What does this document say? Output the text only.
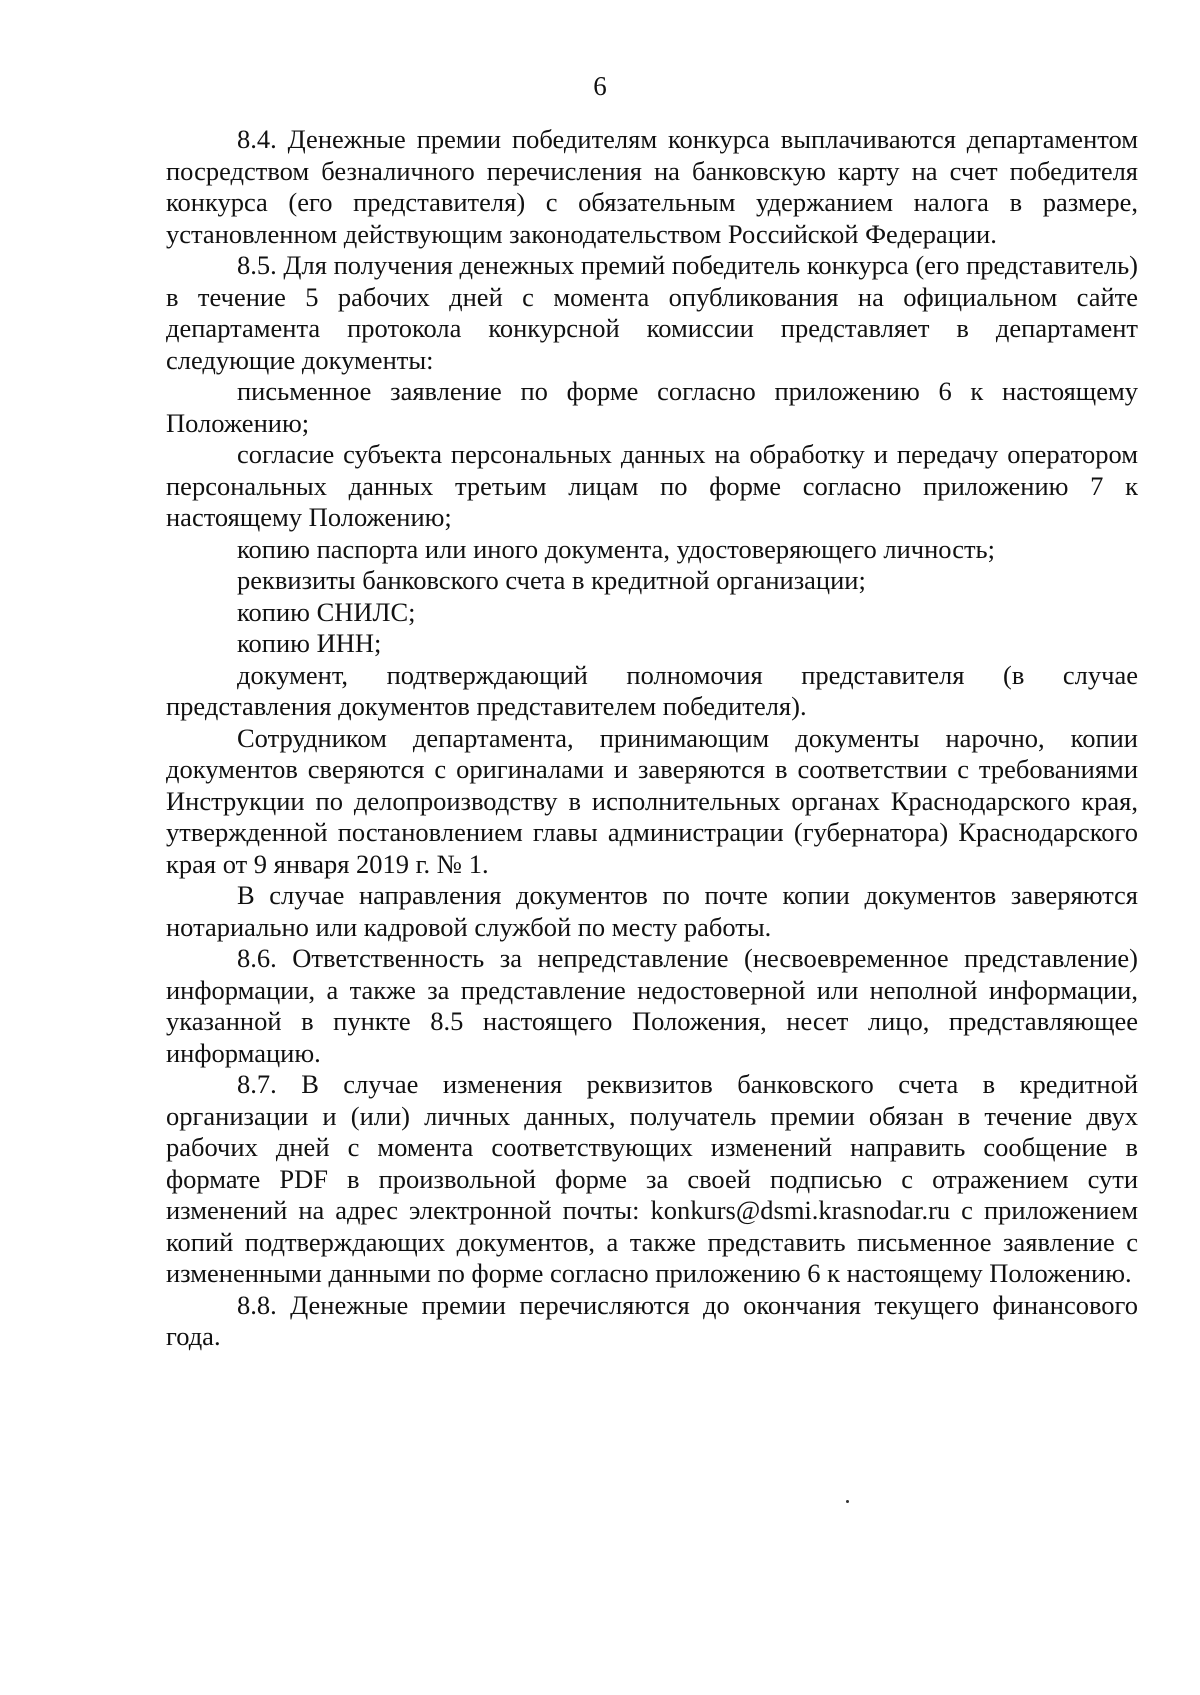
6

8.4. Денежные премии победителям конкурса выплачиваются департаментом посредством безналичного перечисления на банковскую карту на счет победителя конкурса (его представителя) с обязательным удержанием налога в размере, установленном действующим законодательством Российской Федерации.

8.5. Для получения денежных премий победитель конкурса (его представитель) в течение 5 рабочих дней с момента опубликования на официальном сайте департамента протокола конкурсной комиссии представляет в департамент следующие документы:

письменное заявление по форме согласно приложению 6 к настоящему Положению;

согласие субъекта персональных данных на обработку и передачу оператором персональных данных третьим лицам по форме согласно приложению 7 к настоящему Положению;

копию паспорта или иного документа, удостоверяющего личность;

реквизиты банковского счета в кредитной организации;

копию СНИЛС;

копию ИНН;

документ, подтверждающий полномочия представителя (в случае представления документов представителем победителя).

Сотрудником департамента, принимающим документы нарочно, копии документов сверяются с оригиналами и заверяются в соответствии с требованиями Инструкции по делопроизводству в исполнительных органах Краснодарского края, утвержденной постановлением главы администрации (губернатора) Краснодарского края от 9 января 2019 г. № 1.

В случае направления документов по почте копии документов заверяются нотариально или кадровой службой по месту работы.

8.6. Ответственность за непредставление (несвоевременное представление) информации, а также за представление недостоверной или неполной информации, указанной в пункте 8.5 настоящего Положения, несет лицо, представляющее информацию.

8.7. В случае изменения реквизитов банковского счета в кредитной организации и (или) личных данных, получатель премии обязан в течение двух рабочих дней с момента соответствующих изменений направить сообщение в формате PDF в произвольной форме за своей подписью с отражением сути изменений на адрес электронной почты: konkurs@dsmi.krasnodar.ru с приложением копий подтверждающих документов, а также представить письменное заявление с измененными данными по форме согласно приложению 6 к настоящему Положению.

8.8. Денежные премии перечисляются до окончания текущего финансового года.
